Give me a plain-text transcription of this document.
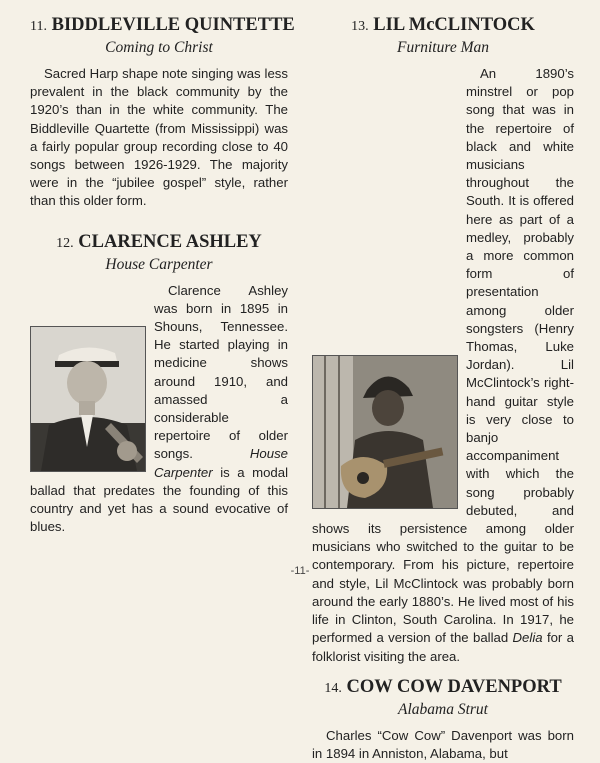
11. BIDDLEVILLE QUINTETTE
Coming to Christ

Sacred Harp shape note singing was less prevalent in the black community by the 1920’s than in the white community. The Biddleville Quartette (from Mississippi) was a fairly popular group recording close to 40 songs between 1926-1929. The majority were in the “jubilee gospel” style, rather than this older form.

12. CLARENCE ASHLEY
House Carpenter

Clarence Ashley was born in 1895 in Shouns, Tennessee. He started playing in medicine shows around 1910, and amassed a considerable repertoire of older songs.	House Carpenter is a modal ballad that predates the founding of this country and yet has a sound evocative of blues.

13. LIL McCLINTOCK
Furniture Man

An 1890’s minstrel or pop song that was in the repertoire of black and white musicians throughout the South. It is offered here as part of a medley, probably a more common form of presentation among older songsters (Henry Thomas, Luke Jordan). Lil McClintock’s right-hand guitar style is very close to banjo accompaniment with which the song probably debuted, and shows its persistence among older musicians who switched to the guitar to be contemporary. From his picture, repertoire and style, Lil McClintock was probably born around the early 1880’s. He lived most of his life in Clinton, South Carolina. In 1917, he performed a version of the ballad Delia for a folklorist visiting the area.

14. COW COW DAVENPORT
Alabama Strut

Charles “Cow Cow” Davenport was born in 1894 in Anniston, Alabama, but

-11-
